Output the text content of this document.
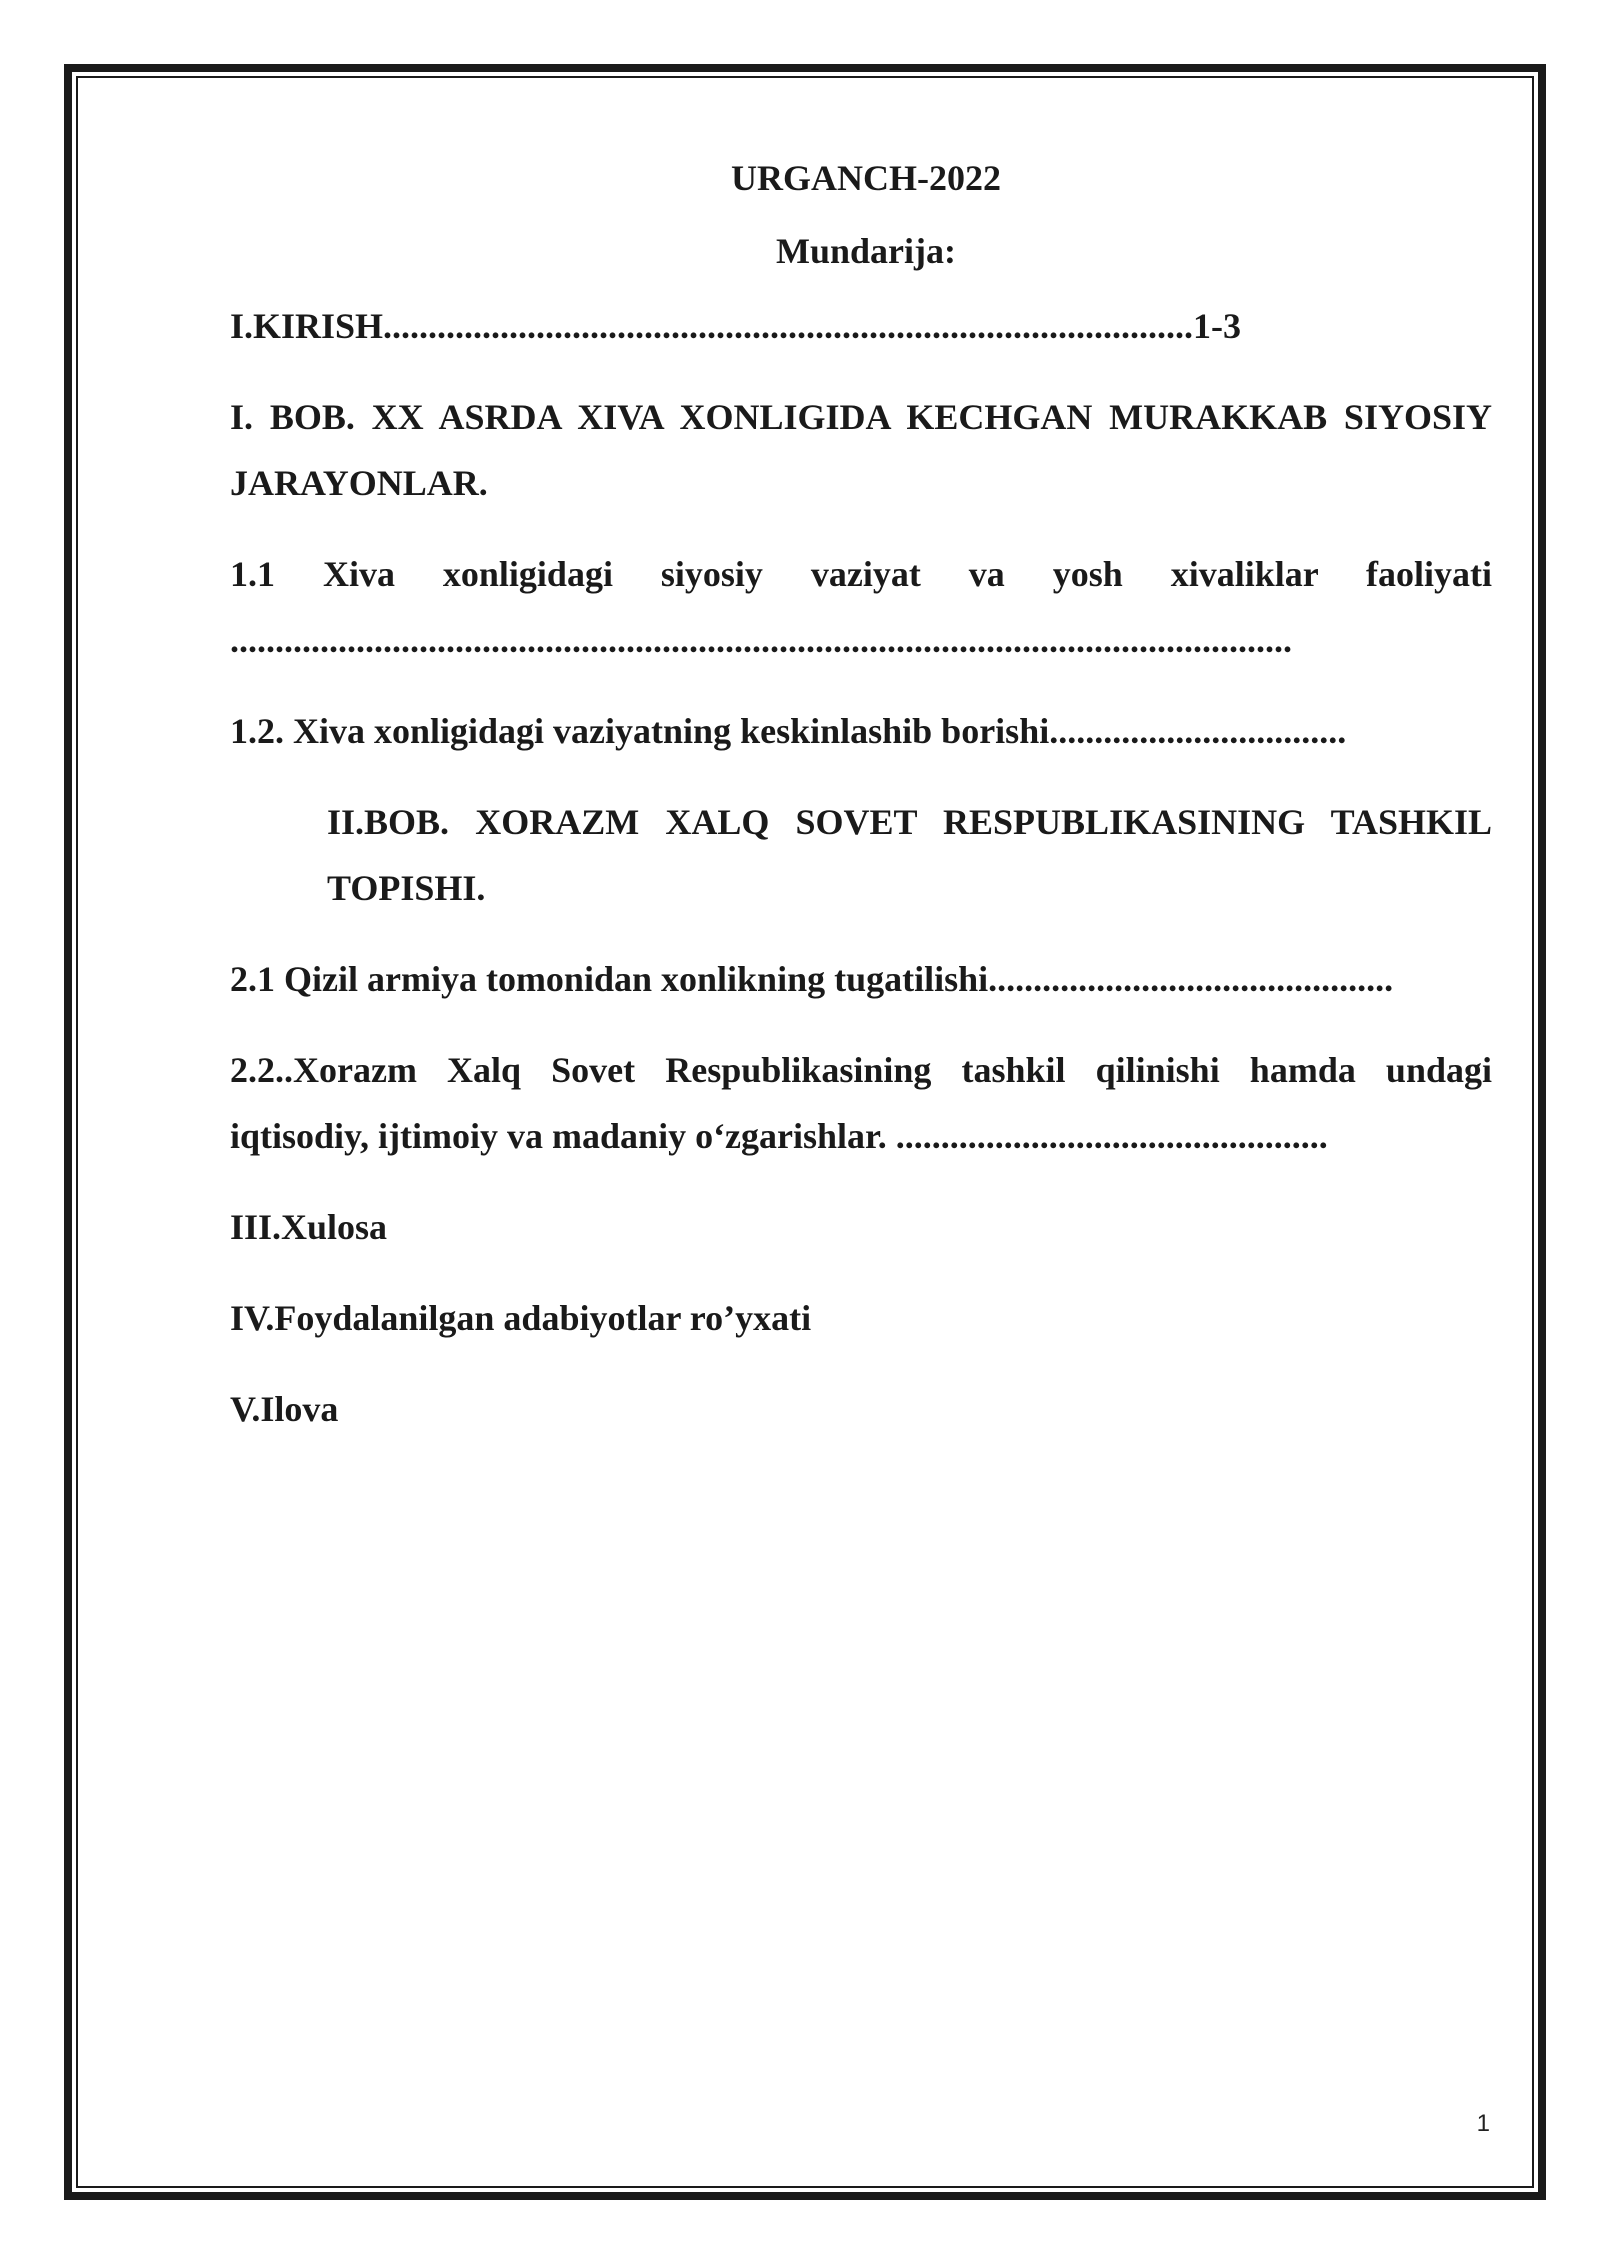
URGANCH-2022

Mundarija:

I.KIRISH..........................................................................................1-3

I. BOB. XX ASRDA XIVA XONLIGIDA KECHGAN MURAKKAB SIYOSIY
JARAYONLAR.
1.1 Xiva xonligidagi siyosiy vaziyat va yosh xivaliklar faoliyati
......................................................................................................................

1.2. Xiva xonligidagi vaziyatning keskinlashib borishi.................................

II.BOB. XORAZM XALQ SOVET RESPUBLIKASINING TASHKIL
TOPISHI.

2.1 Qizil armiya tomonidan xonlikning tugatilishi.............................................

2.2..Xorazm Xalq Sovet Respublikasining tashkil qilinishi hamda undagi
iqtisodiy, ijtimoiy va madaniy o‘zgarishlar. ................................................

III.Xulosa

IV.Foydalanilgan adabiyotlar ro’yxati

V.Ilova

1
